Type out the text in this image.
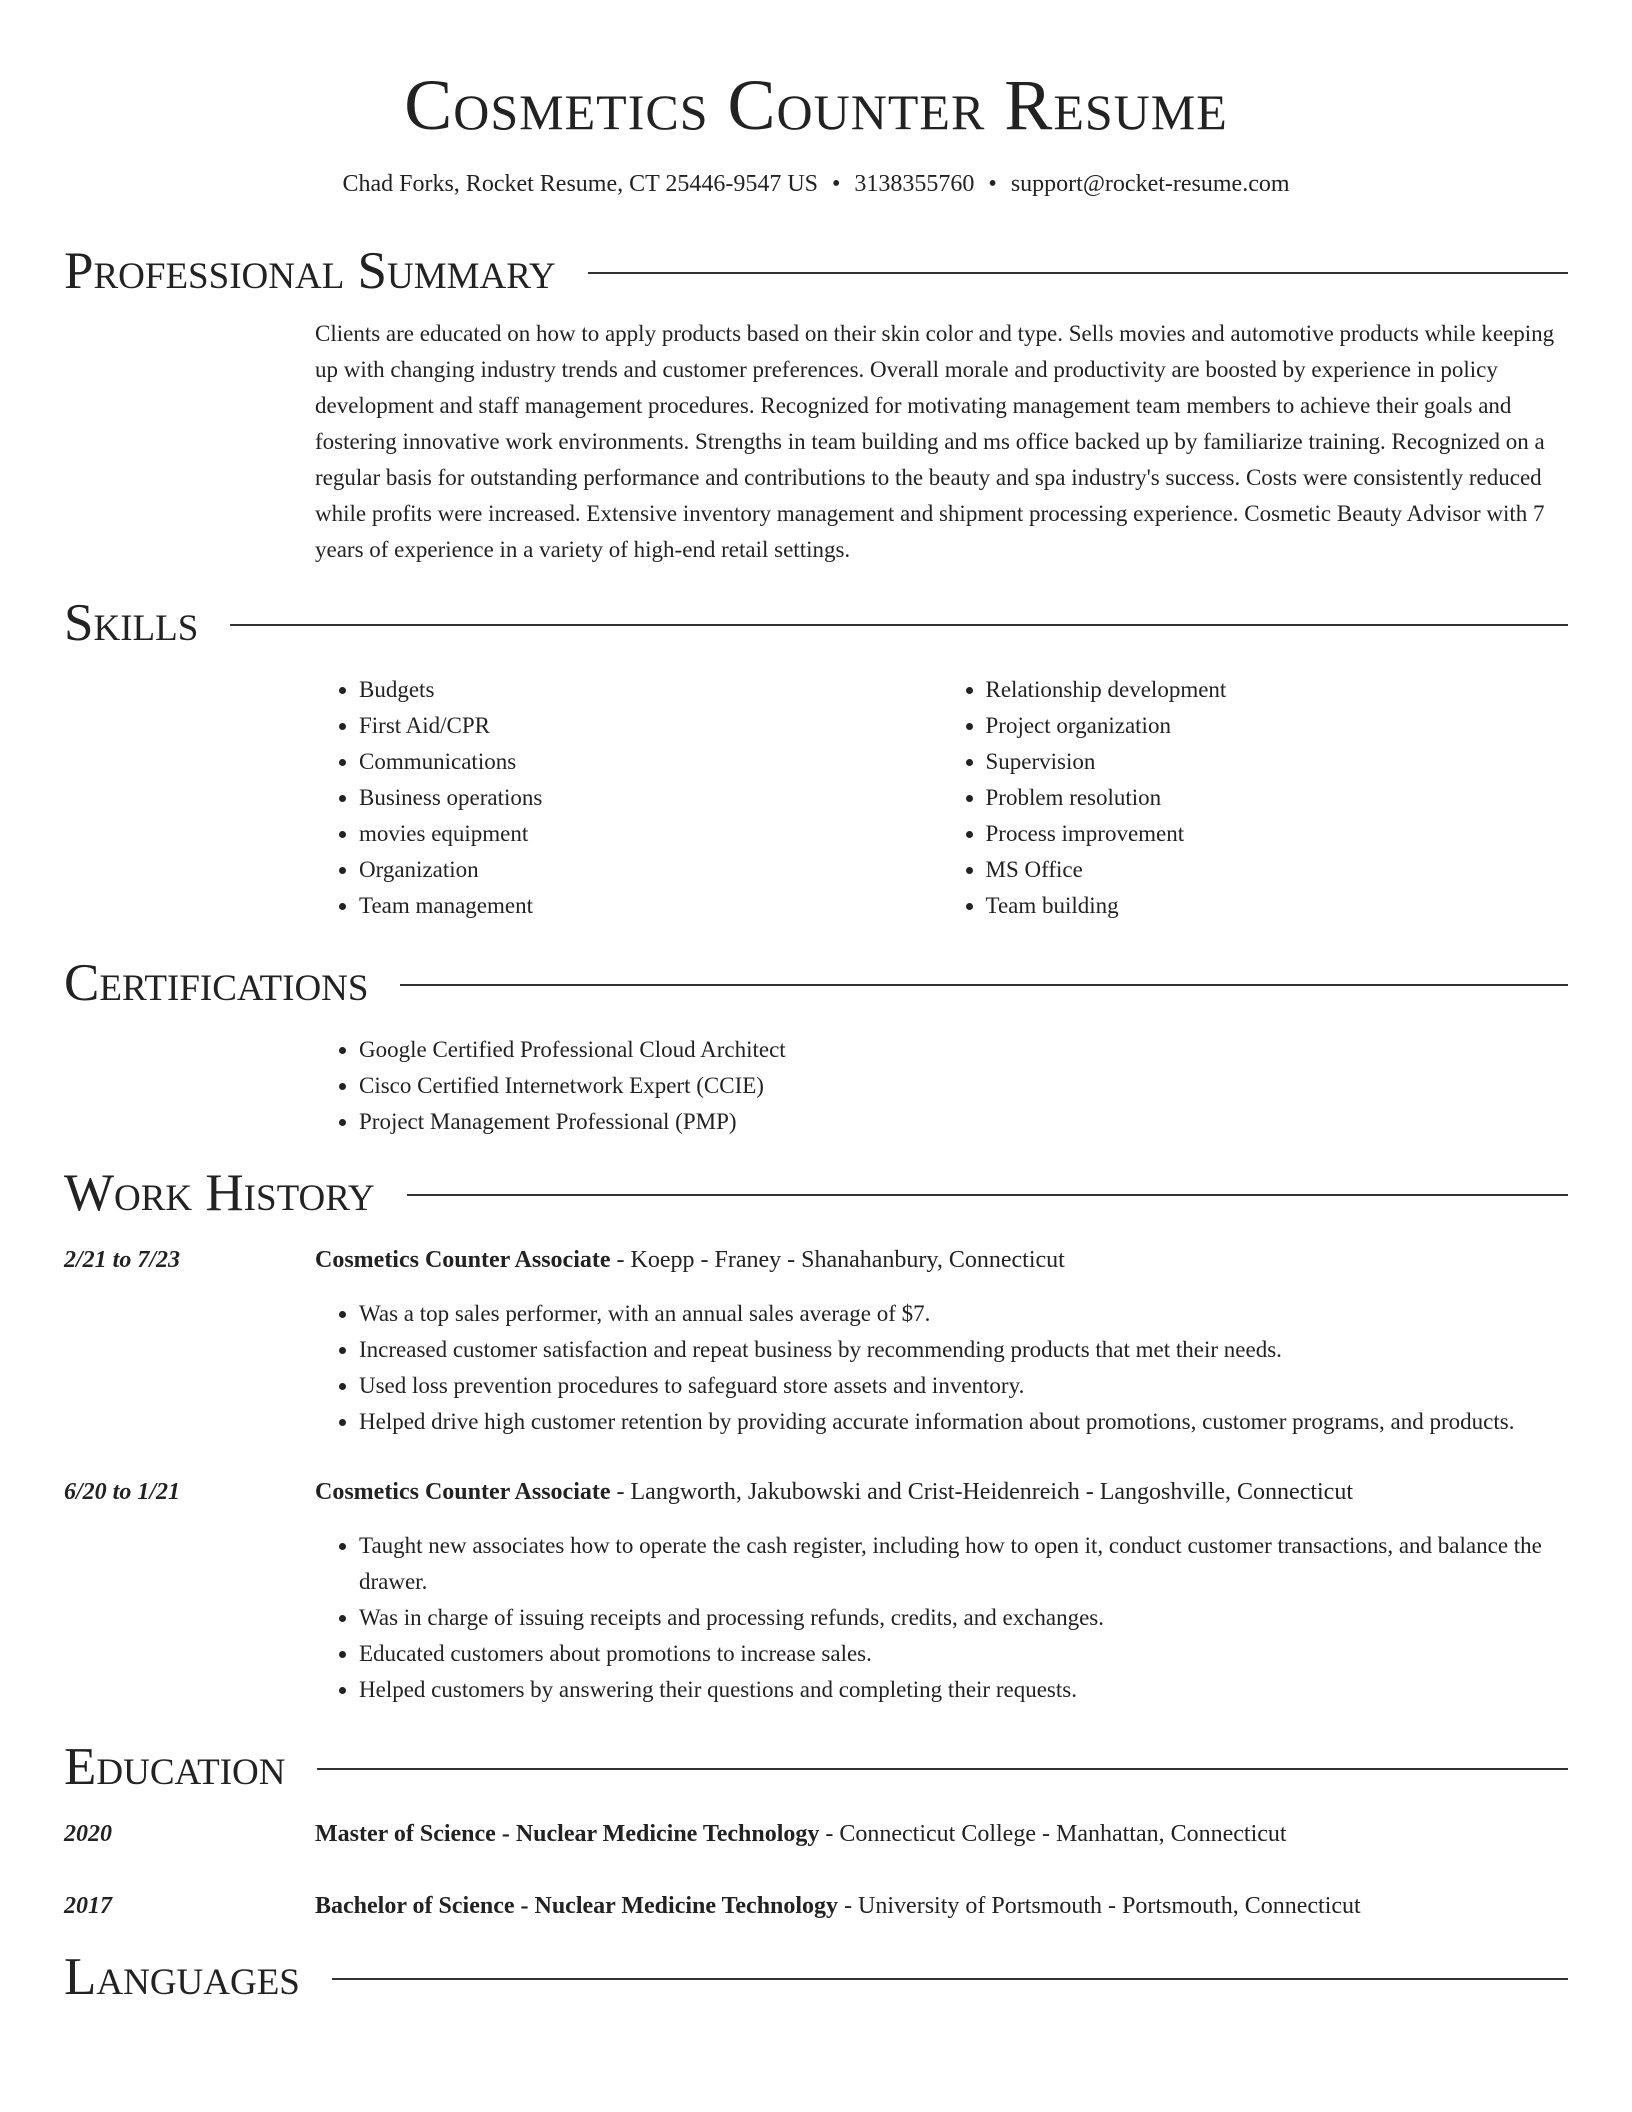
Cosmetics Counter Resume
Chad Forks, Rocket Resume, CT 25446-9547 US • 3138355760 • support@rocket-resume.com
Professional Summary
Clients are educated on how to apply products based on their skin color and type. Sells movies and automotive products while keeping up with changing industry trends and customer preferences. Overall morale and productivity are boosted by experience in policy development and staff management procedures. Recognized for motivating management team members to achieve their goals and fostering innovative work environments. Strengths in team building and ms office backed up by familiarize training. Recognized on a regular basis for outstanding performance and contributions to the beauty and spa industry's success. Costs were consistently reduced while profits were increased. Extensive inventory management and shipment processing experience. Cosmetic Beauty Advisor with 7 years of experience in a variety of high-end retail settings.
Skills
• Budgets
• First Aid/CPR
• Communications
• Business operations
• movies equipment
• Organization
• Team management
• Relationship development
• Project organization
• Supervision
• Problem resolution
• Process improvement
• MS Office
• Team building
Certifications
• Google Certified Professional Cloud Architect
• Cisco Certified Internetwork Expert (CCIE)
• Project Management Professional (PMP)
Work History
2/21 to 7/23	Cosmetics Counter Associate - Koepp - Franey - Shanahanbury, Connecticut
• Was a top sales performer, with an annual sales average of $7.
• Increased customer satisfaction and repeat business by recommending products that met their needs.
• Used loss prevention procedures to safeguard store assets and inventory.
• Helped drive high customer retention by providing accurate information about promotions, customer programs, and products.
6/20 to 1/21	Cosmetics Counter Associate - Langworth, Jakubowski and Crist-Heidenreich - Langoshville, Connecticut
• Taught new associates how to operate the cash register, including how to open it, conduct customer transactions, and balance the drawer.
• Was in charge of issuing receipts and processing refunds, credits, and exchanges.
• Educated customers about promotions to increase sales.
• Helped customers by answering their questions and completing their requests.
Education
2020	Master of Science - Nuclear Medicine Technology - Connecticut College - Manhattan, Connecticut
2017	Bachelor of Science - Nuclear Medicine Technology - University of Portsmouth - Portsmouth, Connecticut
Languages
